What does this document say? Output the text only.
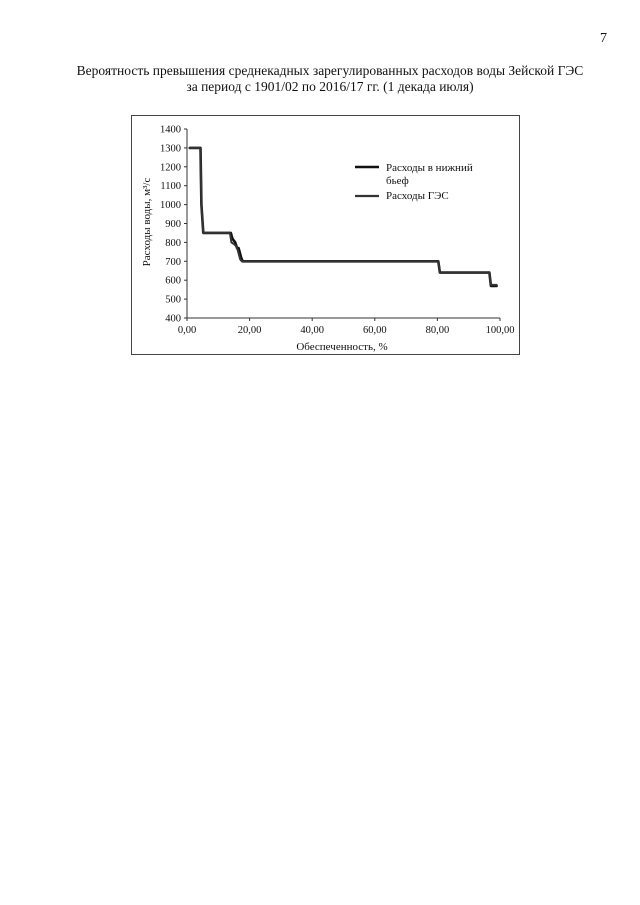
7
Вероятность превышения среднекадных зарегулированных расходов воды Зейской ГЭС
за период с 1901/02 по 2016/17 гг. (1 декада июля)
400
500
600
700
800
900
1000
1100
1200
1300
1400
0,00	20,00	40,00	60,00	80,00	100,00
Обеспеченность, %
Расходы воды, м³/с
Расходы в нижний
бьеф
Расходы ГЭС
